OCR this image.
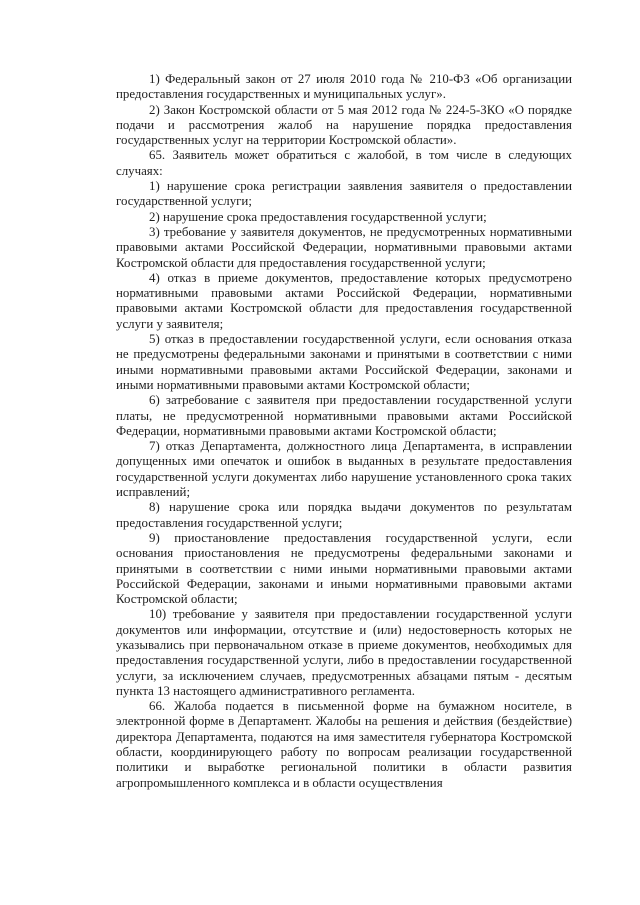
1) Федеральный закон от 27 июля 2010 года № 210-ФЗ «Об организации предоставления государственных и муниципальных услуг».

2) Закон Костромской области от 5 мая 2012 года № 224-5-ЗКО «О порядке подачи и рассмотрения жалоб на нарушение порядка предоставления государственных услуг на территории Костромской области».

65. Заявитель может обратиться с жалобой, в том числе в следующих случаях:

1) нарушение срока регистрации заявления заявителя о предоставлении государственной услуги;

2) нарушение срока предоставления государственной услуги;

3) требование у заявителя документов, не предусмотренных нормативными правовыми актами Российской Федерации, нормативными правовыми актами Костромской области для предоставления государственной услуги;

4) отказ в приеме документов, предоставление которых предусмотрено нормативными правовыми актами Российской Федерации, нормативными правовыми актами Костромской области для предоставления государственной услуги у заявителя;

5) отказ в предоставлении государственной услуги, если основания отказа не предусмотрены федеральными законами и принятыми в соответствии с ними иными нормативными правовыми актами Российской Федерации, законами и иными нормативными правовыми актами Костромской области;

6) затребование с заявителя при предоставлении государственной услуги платы, не предусмотренной нормативными правовыми актами Российской Федерации, нормативными правовыми актами Костромской области;

7) отказ Департамента, должностного лица Департамента, в исправлении допущенных ими опечаток и ошибок в выданных в результате предоставления государственной услуги документах либо нарушение установленного срока таких исправлений;

8) нарушение срока или порядка выдачи документов по результатам предоставления государственной услуги;

9) приостановление предоставления государственной услуги, если основания приостановления не предусмотрены федеральными законами и принятыми в соответствии с ними иными нормативными правовыми актами Российской Федерации, законами и иными нормативными правовыми актами Костромской области;

10) требование у заявителя при предоставлении государственной услуги документов или информации, отсутствие и (или) недостоверность которых не указывались при первоначальном отказе в приеме документов, необходимых для предоставления государственной услуги, либо в предоставлении государственной услуги, за исключением случаев, предусмотренных абзацами пятым - десятым пункта 13 настоящего административного регламента.

66. Жалоба подается в письменной форме на бумажном носителе, в электронной форме в Департамент. Жалобы на решения и действия (бездействие) директора Департамента, подаются на имя заместителя губернатора Костромской области, координирующего работу по вопросам реализации государственной политики и выработке региональной политики в области развития агропромышленного комплекса и в области осуществления
